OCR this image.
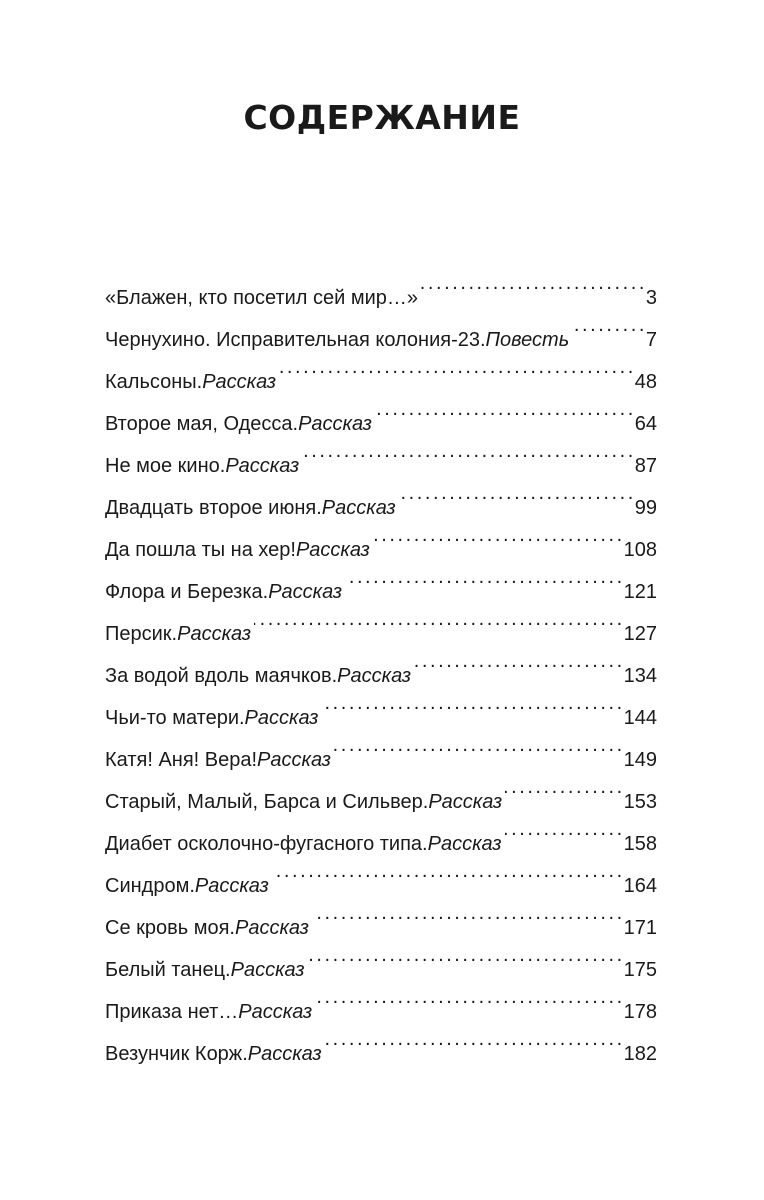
СОДЕРЖАНИЕ
«Блажен, кто посетил сей мир…» . . .	3
Чернухино. Исправительная колония-23. Повесть . . .	7
Кальсоны. Рассказ . . .	48
Второе мая, Одесса. Рассказ . . .	64
Не мое кино. Рассказ . . .	87
Двадцать второе июня. Рассказ . . .	99
Да пошла ты на хер! Рассказ . . .	108
Флора и Березка. Рассказ . . .	121
Персик. Рассказ . . .	127
За водой вдоль маячков. Рассказ . . .	134
Чьи-то матери. Рассказ . . .	144
Катя! Аня! Вера! Рассказ . . .	149
Старый, Малый, Барса и Сильвер. Рассказ . . .	153
Диабет осколочно-фугасного типа. Рассказ . . .	158
Синдром. Рассказ . . .	164
Се кровь моя. Рассказ . . .	171
Белый танец. Рассказ . . .	175
Приказа нет… Рассказ . . .	178
Везунчик Корж. Рассказ . . .	182
